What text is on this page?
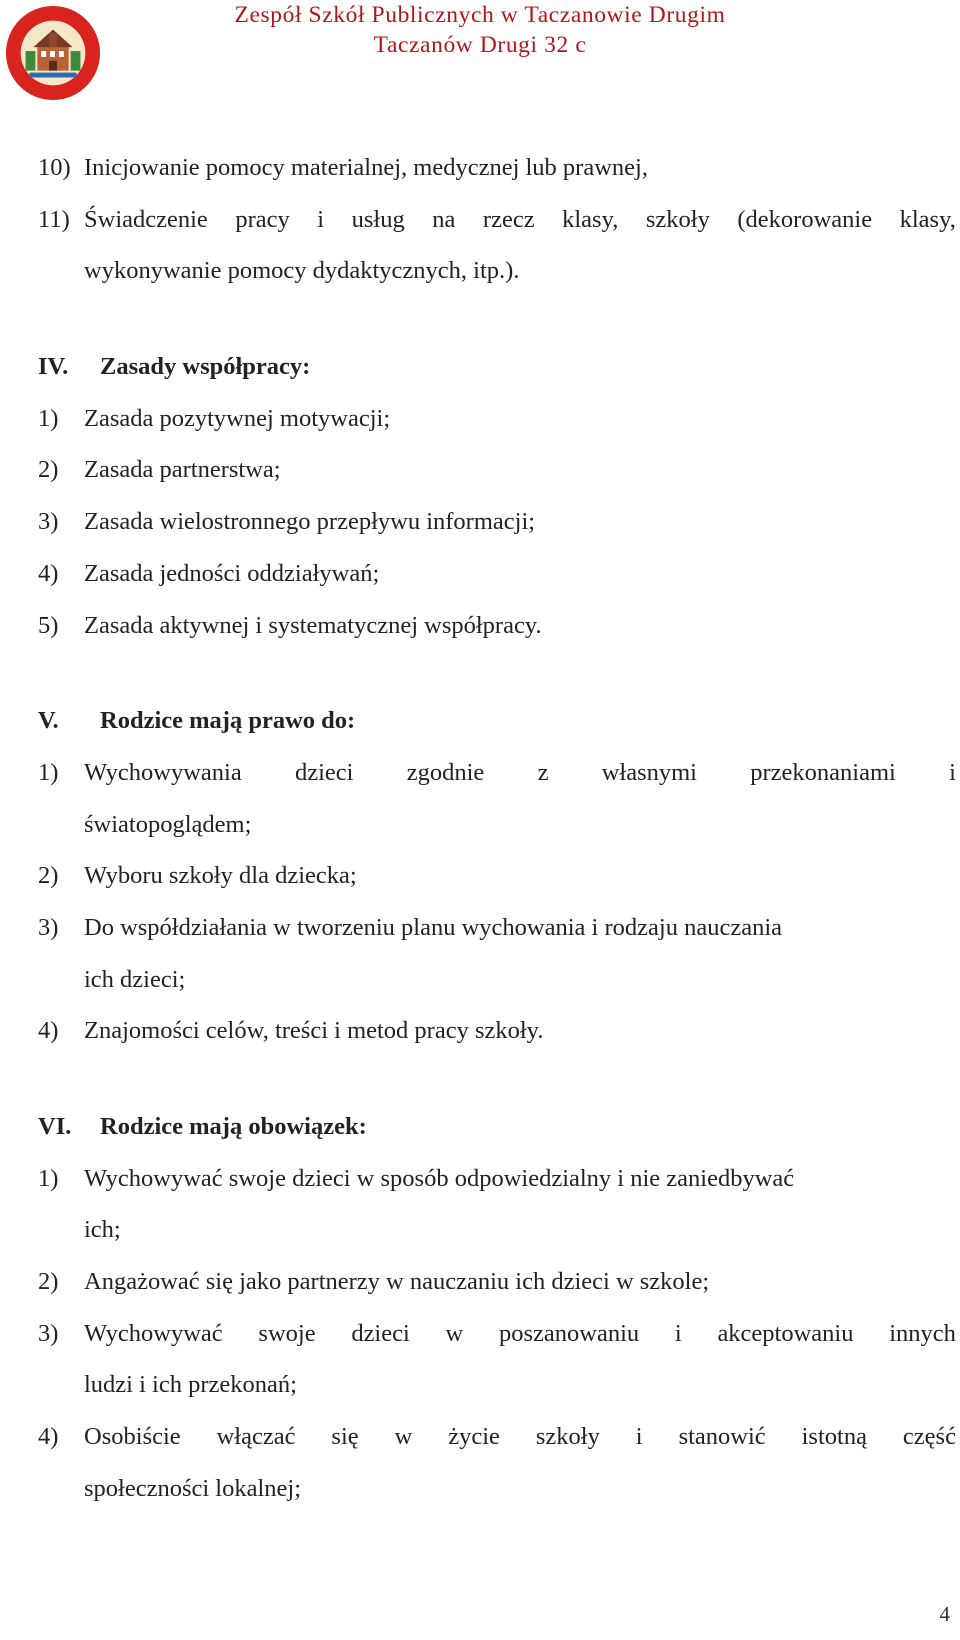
Zespół Szkół Publicznych w Taczanowie Drugim
Taczanów Drugi 32 c
10) Inicjowanie pomocy materialnej, medycznej lub prawnej,
11) Świadczenie pracy i usług na rzecz klasy, szkoły (dekorowanie klasy,
wykonywanie pomocy dydaktycznych, itp.).
IV. Zasady współpracy:
1) Zasada pozytywnej motywacji;
2) Zasada partnerstwa;
3) Zasada wielostronnego przepływu informacji;
4) Zasada jedności oddziaływań;
5) Zasada aktywnej i systematycznej współpracy.
V. Rodzice mają prawo do:
1) Wychowywania dzieci zgodnie z własnymi przekonaniami i
światopoglądem;
2) Wyboru szkoły dla dziecka;
3) Do współdziałania w tworzeniu planu wychowania i rodzaju nauczania
ich dzieci;
4) Znajomości celów, treści i metod pracy szkoły.
VI. Rodzice mają obowiązek:
1) Wychowywać swoje dzieci w sposób odpowiedzialny i nie zaniedbywać
ich;
2) Angażować się jako partnerzy w nauczaniu ich dzieci w szkole;
3) Wychowywać swoje dzieci w poszanowaniu i akceptowaniu innych
ludzi i ich przekonań;
4) Osobiście włączać się w życie szkoły i stanowić istotną część
społeczności lokalnej;
4
